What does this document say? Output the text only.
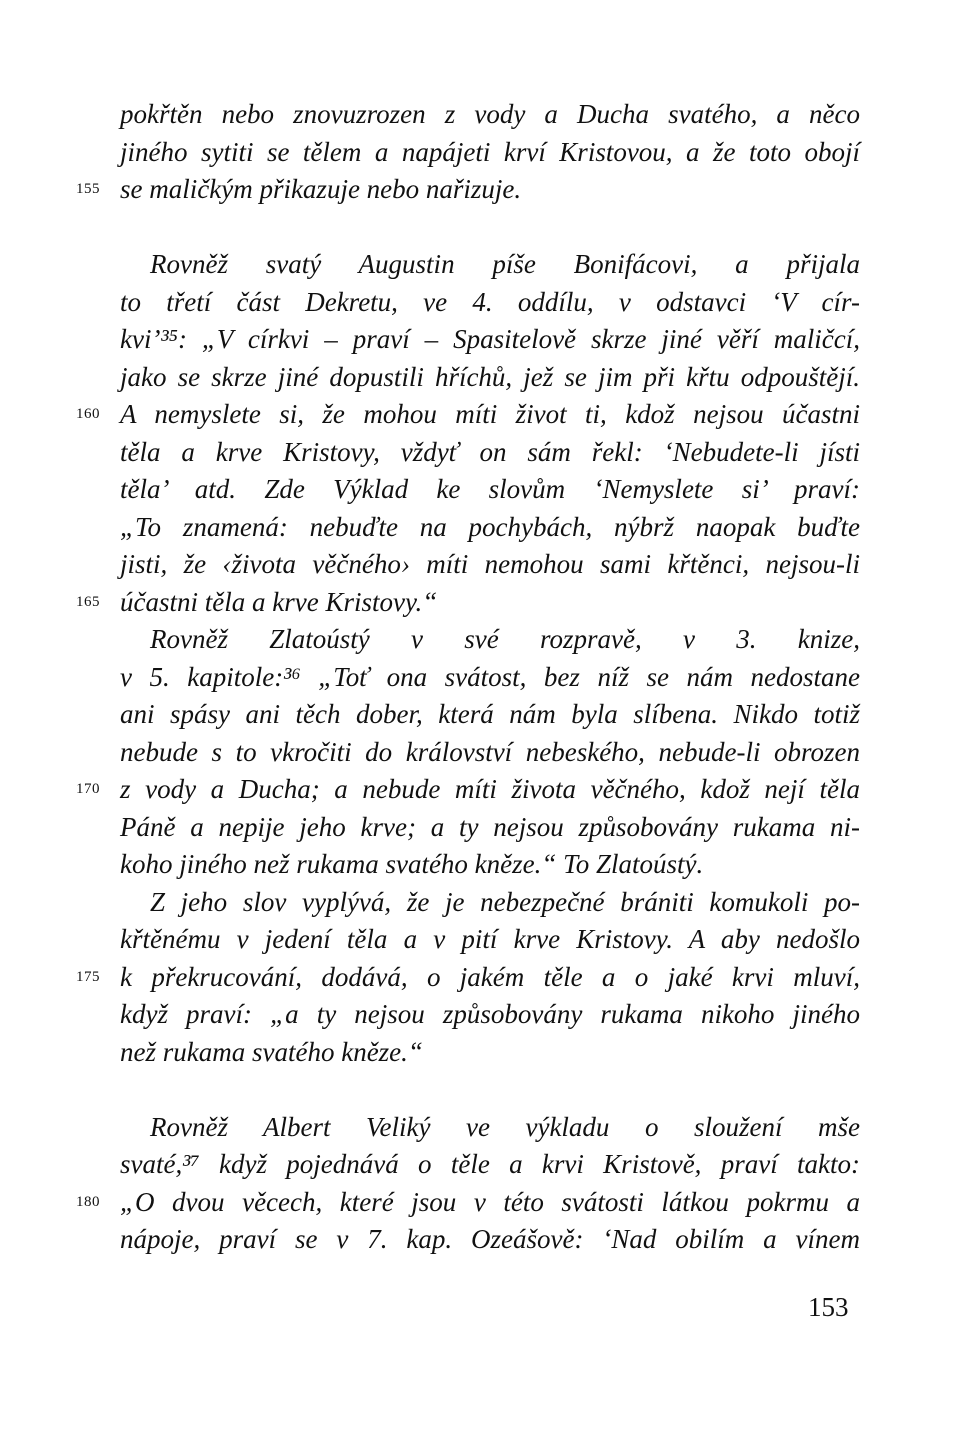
pokřtěn nebo znovuzrozen z vody a Ducha svatého, a něco
jiného sytiti se tělem a napájeti krví Kristovou, a že toto obojí
155 se maličkým přikazuje nebo nařizuje.
Rovněž svatý Augustin píše Bonifácovi, a přijala
to třetí část Dekretu, ve 4. oddílu, v odstavci ‘V cír-
kvi’³⁵: „V církvi – praví – Spasitelově skrze jiné věří maličcí,
jako se skrze jiné dopustili hříchů, jež se jim při křtu odpouštějí.
160 A nemyslete si, že mohou míti život ti, kdož nejsou účastni
těla a krve Kristovy, vždyť on sám řekl: ‘Nebudete-li jísti
těla’ atd. Zde Výklad ke slovům ‘Nemyslete si’ praví:
„To znamená: nebuďte na pochybách, nýbrž naopak buďte
jisti, že ‹života věčného› míti nemohou sami křtěnci, nejsou-li
165 účastni těla a krve Kristovy.“
Rovněž Zlatoústý v své rozpravě, v 3. knize,
v 5. kapitole:³⁶ „Toť ona svátost, bez níž se nám nedostane
ani spásy ani těch dober, která nám byla slíbena. Nikdo totiž
nebude s to vkročiti do království nebeského, nebude-li obrozen
170 z vody a Ducha; a nebude míti života věčného, kdož nejí těla
Páně a nepije jeho krve; a ty nejsou způsobovány rukama ni-
koho jiného než rukama svatého kněze.“ To Zlatoústý.
Z jeho slov vyplývá, že je nebezpečné brániti komukoli po-
křtěnému v jedení těla a v pití krve Kristovy. A aby nedošlo
175 k překrucování, dodává, o jakém těle a o jaké krvi mluví,
když praví: „a ty nejsou způsobovány rukama nikoho jiného
než rukama svatého kněze.“
Rovněž Albert Veliký ve výkladu o sloužení mše
svaté,³⁷ když pojednává o těle a krvi Kristově, praví takto:
180 „O dvou věcech, které jsou v této svátosti látkou pokrmu a
nápoje, praví se v 7. kap. Ozeášově: ‘Nad obilím a vínem
153
